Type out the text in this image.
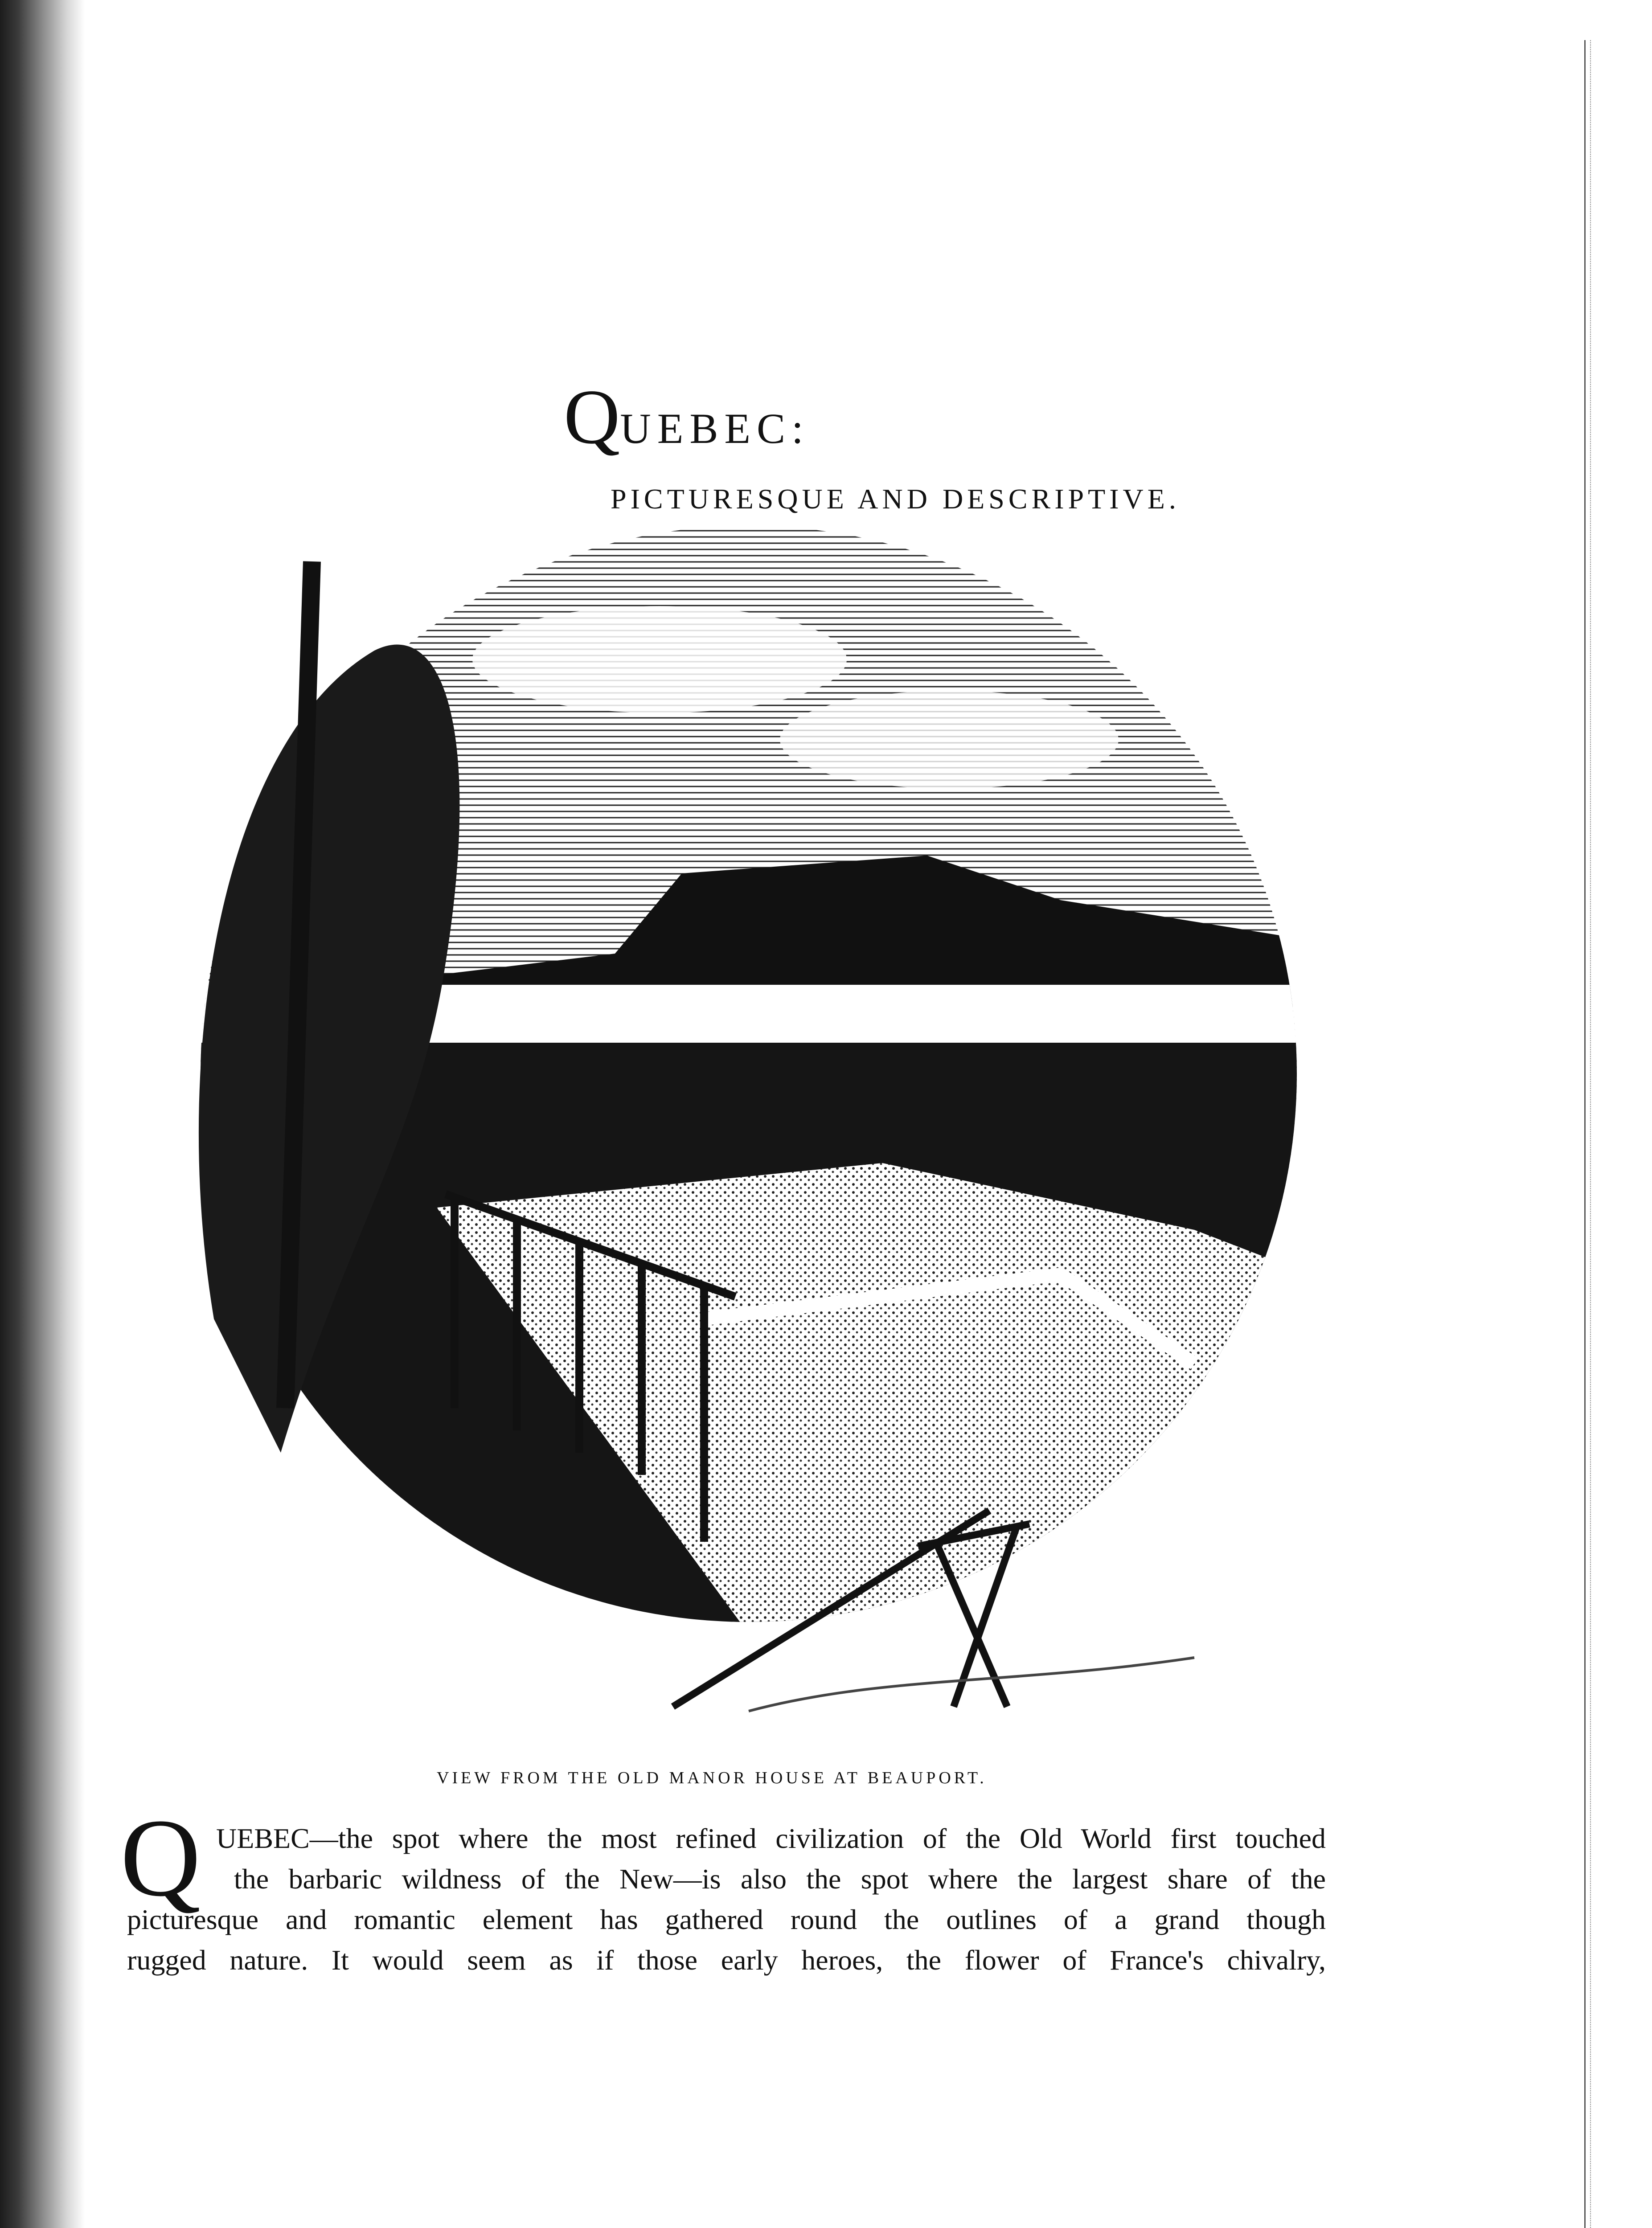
QUEBEC:
PICTURESQUE AND DESCRIPTIVE.
VIEW FROM THE OLD MANOR HOUSE AT BEAUPORT.
Q UEBEC—the spot where the most refined civilization of the Old World first touched
the barbaric wildness of the New—is also the spot where the largest share of the
picturesque and romantic element has gathered round the outlines of a grand though
rugged nature. It would seem as if those early heroes, the flower of France's chivalry,
